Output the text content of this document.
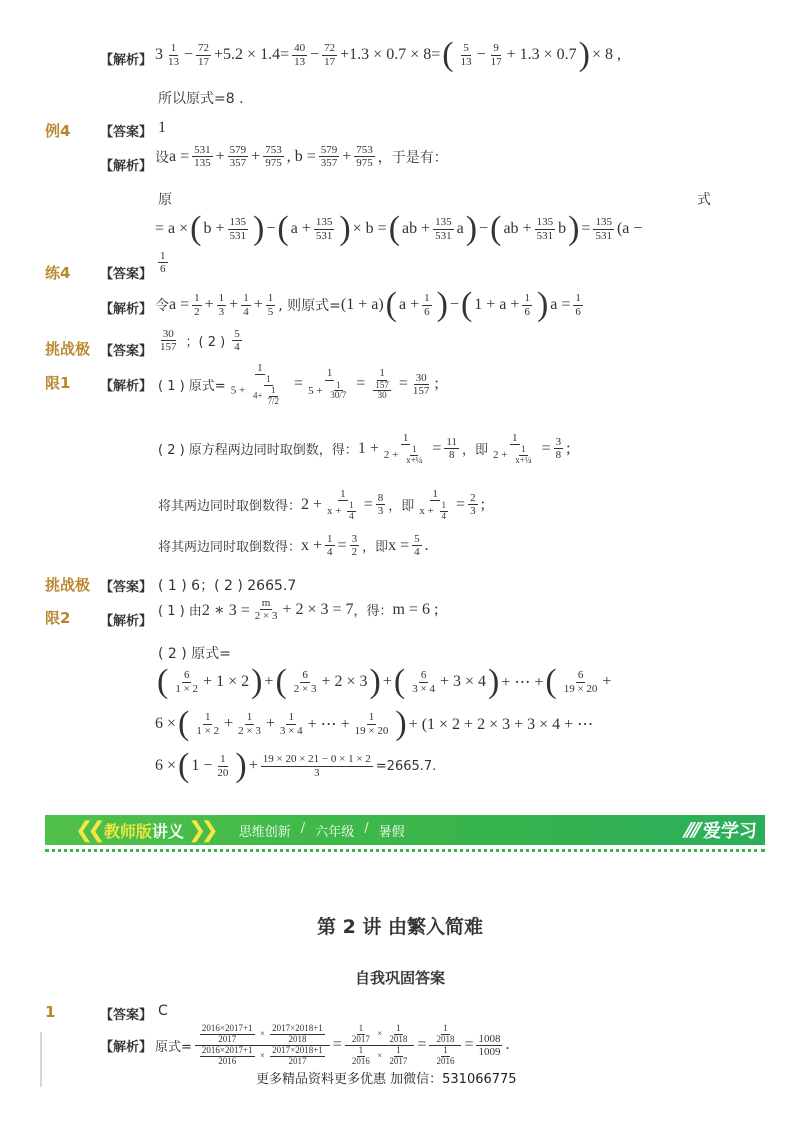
【解析】 $3 \frac{1}{13} - \frac{72}{17} +5.2 \times 1.4= \frac{40}{13} - \frac{72}{17} +1.3 \times 0.7 \times 8=$ ( $\frac{5}{13} - \frac{9}{17} + 1.3 \times 0.7$ ) × 8 ,
所以原式=8 .
例4 【答案】 1
【解析】
设 $a = \frac{531}{135} + \frac{579}{357} + \frac{753}{975}$ , $b = \frac{579}{357} + \frac{753}{975}$ ，于是有：
原	式
= a × ( $b + \frac{135}{531}$ ) − ( $a + \frac{135}{531}$ ) × b = ( ab + $\frac{135}{531}$ a ) − ( ab + $\frac{135}{531}$ b ) = $\frac{135}{531} (a$ −
练4 【答案】 $\frac{1}{6}$
【解析】 令 $a = \frac{1}{2} + \frac{1}{3} + \frac{1}{4} + \frac{1}{5}$ , 则原式= (1 + a) ( $a + \frac{1}{6}$ ) − ( $1 + a + \frac{1}{6}$ ) $a = \frac{1}{6}$
挑战极
限1
【答案】 $\frac{30}{157}$ ；( 2 ) $\frac{5}{4}$
【解析】 ( 1 ) 原式= $\frac{1}{5 + \frac{1}{4+ \frac{1}{7/2}}} = \frac{1}{5 + \frac{1}{30/7}} = \frac{1}{\frac{157}{30}} = \frac{30}{157}$ ;
( 2 ) 原方程两边同时取倒数，得： $1 + \frac{1}{2 + \frac{1}{\text{x+¼}}} = \frac{11}{8}$ ，即 $\frac{1}{2 + \frac{1}{\text{x+¼}}} = \frac{3}{8}$ ;
将其两边同时取倒数得： $2 + \frac{1}{x + \frac{1}{4}} = \frac{8}{3}$ ，即 $\frac{1}{x + \frac{1}{4}} = \frac{2}{3}$ ;
将其两边同时取倒数得： $x + \frac{1}{4} = \frac{3}{2}$ ，即 $x = \frac{5}{4}$ .
挑战极
限2
【答案】 ( 1 ) 6；( 2 ) 2665.7
【解析】
( 1 ) 由 2 ∗ $3 = \frac{m}{2 \times 3} + 2 \times 3 = 7$ ，得： m = 6 ;
( 2 ) 原式=
( $\frac{6}{1 \times 2} + 1 \times 2$ ) + ( $\frac{6}{2 \times 3} + 2 \times 3$ ) + ( $\frac{6}{3 \times 4} + 3 \times 4$ ) + ⋯ + ( $\frac{6}{19 \times 20}$ +
6 × ( $\frac{1}{1 \times 2} + \frac{1}{2 \times 3} + \frac{1}{3 \times 4}$ + ⋯ + $\frac{1}{19 \times 20}$ ) + (1 × 2 + 2 × 3 + 3 × 4 + ⋯
6 × ( $1 - \frac{1}{20}$ ) + $\frac{19 \times 20 \times 21 - 0 \times 1 \times 2}{3} =2665.7$.
❮❮ 教师版讲义 ❯❯ 思维创新 / 六年级 / 暑假	⫽⫽ 爱学习
第 2 讲 由繁入简难
自我巩固答案
1	【答案】 C
【解析】 原式= $\frac{\frac{2016\times 2017+1}{2017} \times \frac{2017\times 2018+1}{2018}}{\frac{2016\times 2017+1}{2016} \times \frac{2017\times 2018+1}{2017}} = \frac{\frac{1}{2017} \times \frac{1}{2018}}{\frac{1}{2016} \times \frac{1}{2017}} = \frac{\frac{1}{2018}}{\frac{1}{2016}} = \frac{1008}{1009}$ .
更多精品资料更多优惠 加微信：531066775
